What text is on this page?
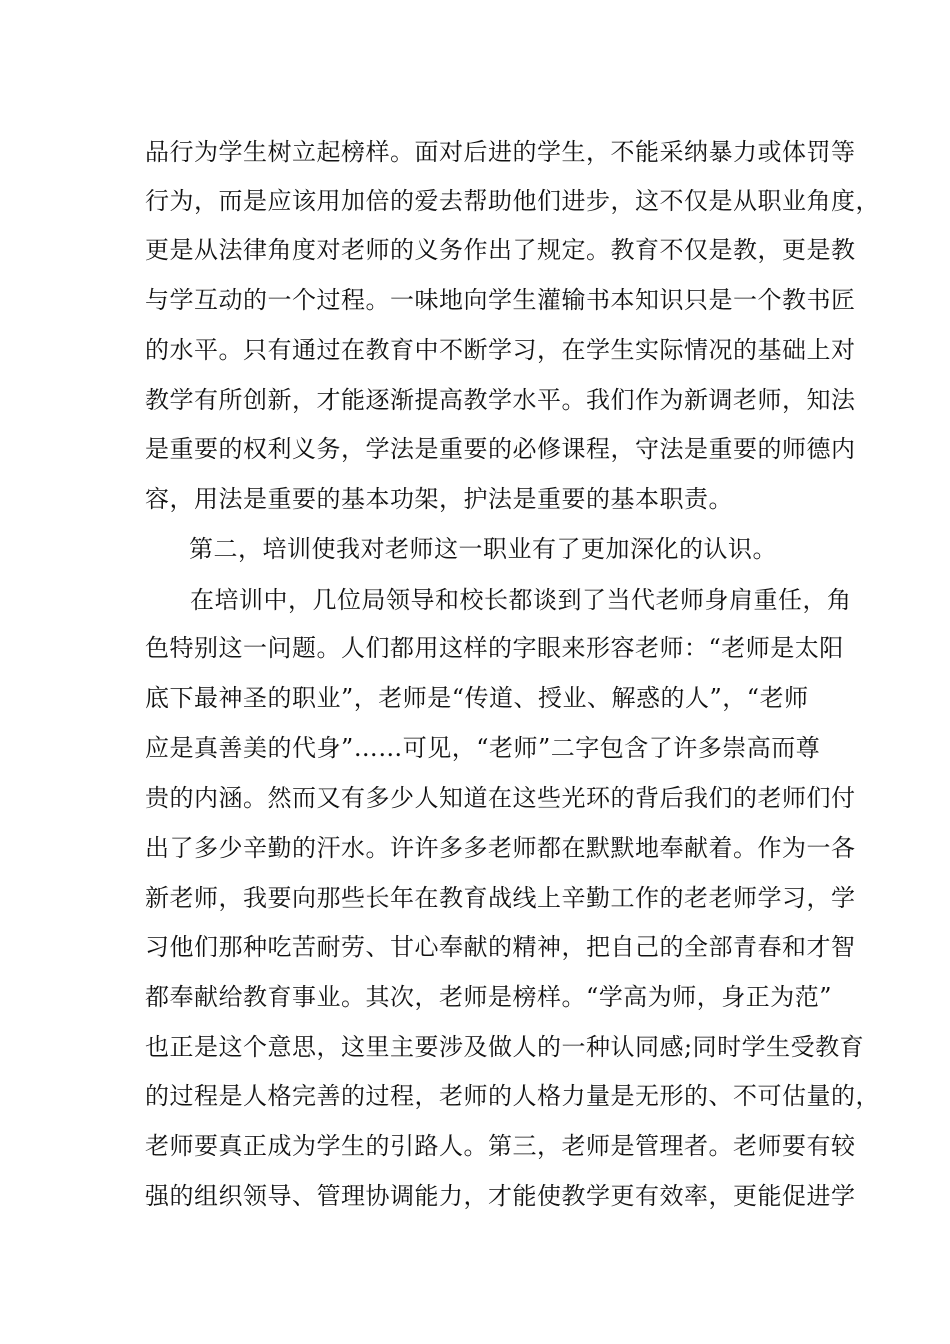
品行为学生树立起榜样。面对后进的学生，不能采纳暴力或体罚等
行为，而是应该用加倍的爱去帮助他们进步，这不仅是从职业角度，
更是从法律角度对老师的义务作出了规定。教育不仅是教，更是教
与学互动的一个过程。一味地向学生灌输书本知识只是一个教书匠
的水平。只有通过在教育中不断学习，在学生实际情况的基础上对
教学有所创新，才能逐渐提高教学水平。我们作为新调老师，知法
是重要的权利义务，学法是重要的必修课程，守法是重要的师德内
容，用法是重要的基本功架，护法是重要的基本职责。
第二，培训使我对老师这一职业有了更加深化的认识。
在培训中，几位局领导和校长都谈到了当代老师身肩重任，角
色特别这一问题。人们都用这样的字眼来形容老师：“老师是太阳
底下最神圣的职业”，老师是“传道、授业、解惑的人”，“老师
应是真善美的代身”……可见，“老师”二字包含了许多崇高而尊
贵的内涵。然而又有多少人知道在这些光环的背后我们的老师们付
出了多少辛勤的汗水。许许多多老师都在默默地奉献着。作为一各
新老师，我要向那些长年在教育战线上辛勤工作的老老师学习，学
习他们那种吃苦耐劳、甘心奉献的精神，把自己的全部青春和才智
都奉献给教育事业。其次，老师是榜样。“学高为师，身正为范”
也正是这个意思，这里主要涉及做人的一种认同感;同时学生受教育
的过程是人格完善的过程，老师的人格力量是无形的、不可估量的，
老师要真正成为学生的引路人。第三，老师是管理者。老师要有较
强的组织领导、管理协调能力，才能使教学更有效率，更能促进学
